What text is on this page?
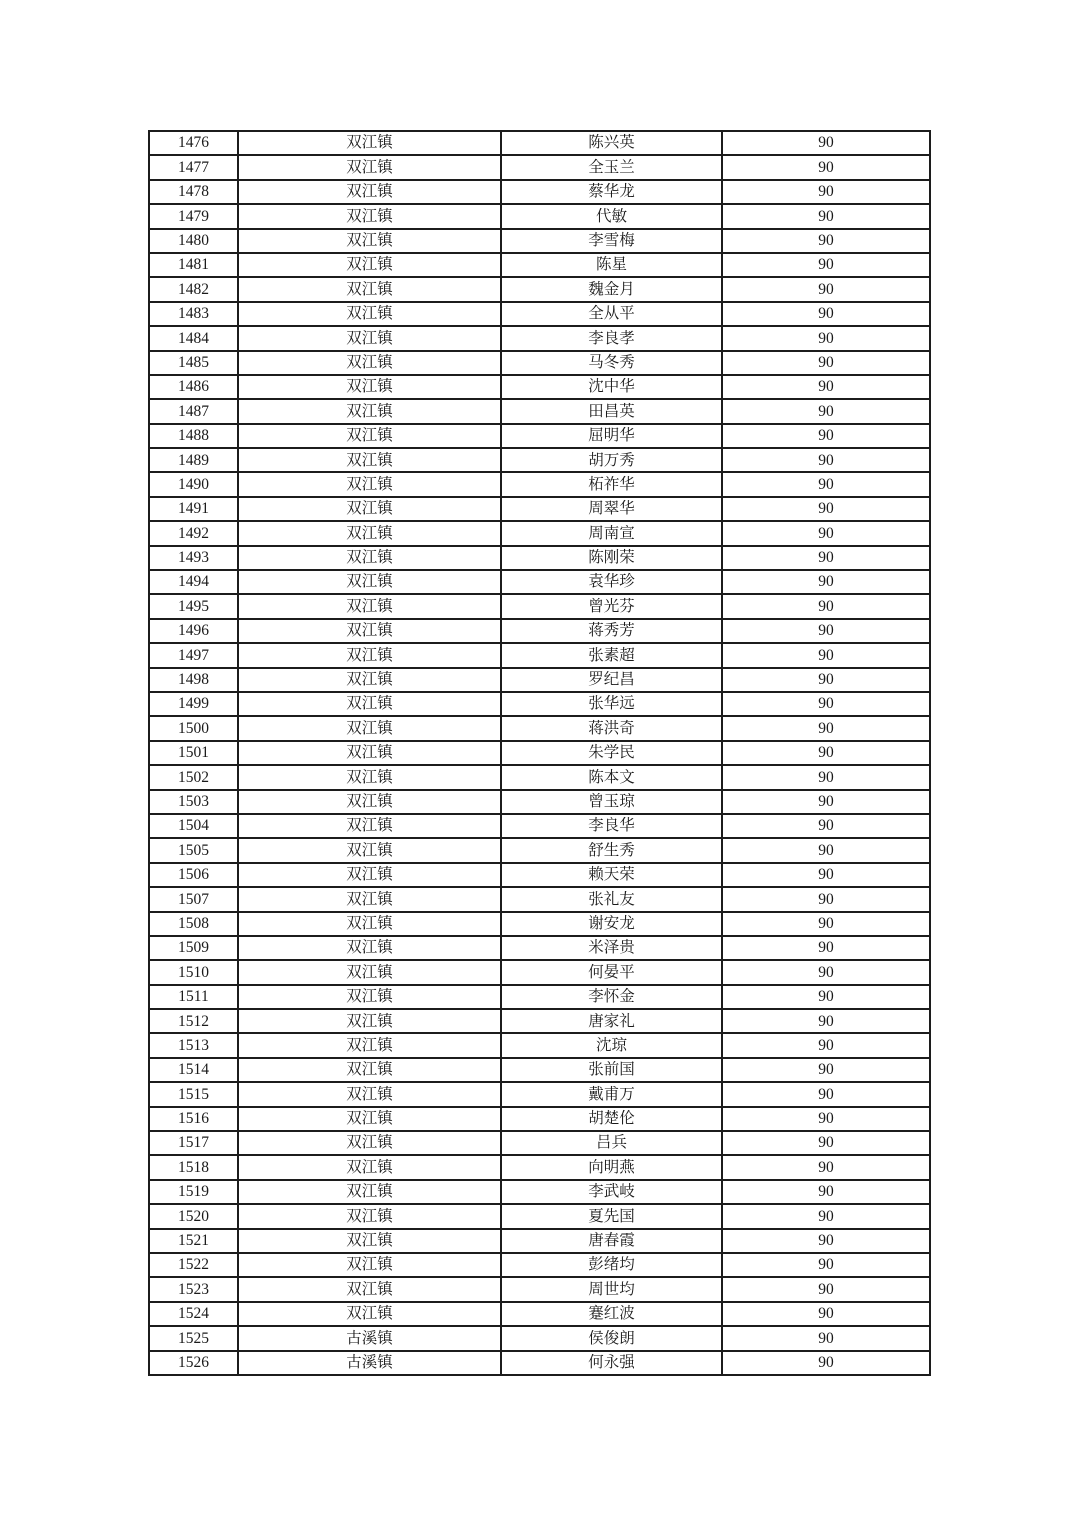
1476	双江镇	陈兴英	90
1477	双江镇	全玉兰	90
1478	双江镇	蔡华龙	90
1479	双江镇	代敏	90
1480	双江镇	李雪梅	90
1481	双江镇	陈星	90
1482	双江镇	魏金月	90
1483	双江镇	全从平	90
1484	双江镇	李良孝	90
1485	双江镇	马冬秀	90
1486	双江镇	沈中华	90
1487	双江镇	田昌英	90
1488	双江镇	屈明华	90
1489	双江镇	胡万秀	90
1490	双江镇	柘祚华	90
1491	双江镇	周翠华	90
1492	双江镇	周南宣	90
1493	双江镇	陈刚荣	90
1494	双江镇	袁华珍	90
1495	双江镇	曾光芬	90
1496	双江镇	蒋秀芳	90
1497	双江镇	张素超	90
1498	双江镇	罗纪昌	90
1499	双江镇	张华远	90
1500	双江镇	蒋洪奇	90
1501	双江镇	朱学民	90
1502	双江镇	陈本文	90
1503	双江镇	曾玉琼	90
1504	双江镇	李良华	90
1505	双江镇	舒生秀	90
1506	双江镇	赖天荣	90
1507	双江镇	张礼友	90
1508	双江镇	谢安龙	90
1509	双江镇	米泽贵	90
1510	双江镇	何晏平	90
1511	双江镇	李怀金	90
1512	双江镇	唐家礼	90
1513	双江镇	沈琼	90
1514	双江镇	张前国	90
1515	双江镇	戴甫万	90
1516	双江镇	胡楚伦	90
1517	双江镇	吕兵	90
1518	双江镇	向明燕	90
1519	双江镇	李武岐	90
1520	双江镇	夏先国	90
1521	双江镇	唐春霞	90
1522	双江镇	彭绪均	90
1523	双江镇	周世均	90
1524	双江镇	蹇红波	90
1525	古溪镇	侯俊朗	90
1526	古溪镇	何永强	90
